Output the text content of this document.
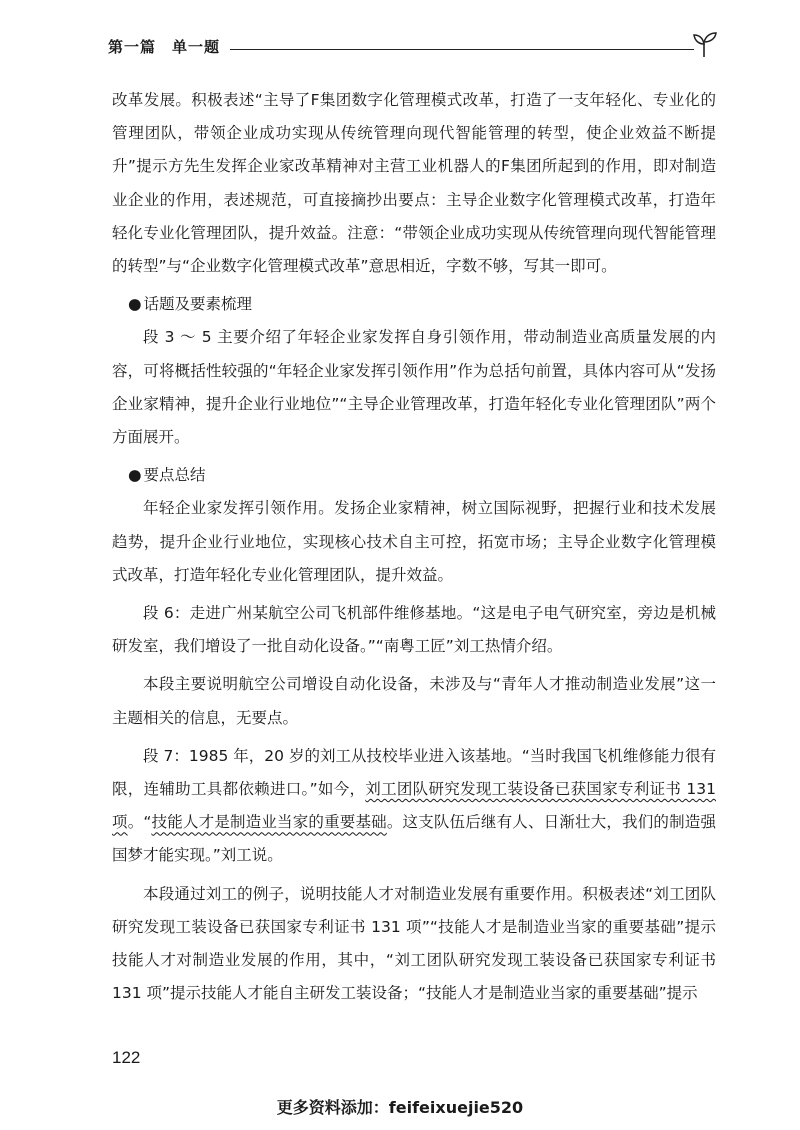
第一篇　单一题

改革发展。积极表述“主导了F集团数字化管理模式改革，打造了一支年轻化、专业化的管理团队，带领企业成功实现从传统管理向现代智能管理的转型，使企业效益不断提升”提示方先生发挥企业家改革精神对主营工业机器人的F集团所起到的作用，即对制造业企业的作用，表述规范，可直接摘抄出要点：主导企业数字化管理模式改革，打造年轻化专业化管理团队，提升效益。注意：“带领企业成功实现从传统管理向现代智能管理的转型”与“企业数字化管理模式改革”意思相近，字数不够，写其一即可。

● 话题及要素梳理

段 3 ～ 5 主要介绍了年轻企业家发挥自身引领作用，带动制造业高质量发展的内容，可将概括性较强的“年轻企业家发挥引领作用”作为总括句前置，具体内容可从“发扬企业家精神，提升企业行业地位”“主导企业管理改革，打造年轻化专业化管理团队”两个方面展开。

● 要点总结

年轻企业家发挥引领作用。发扬企业家精神，树立国际视野，把握行业和技术发展趋势，提升企业行业地位，实现核心技术自主可控，拓宽市场；主导企业数字化管理模式改革，打造年轻化专业化管理团队，提升效益。

段 6：走进广州某航空公司飞机部件维修基地。“这是电子电气研究室，旁边是机械研发室，我们增设了一批自动化设备。”“南粤工匠”刘工热情介绍。

本段主要说明航空公司增设自动化设备，未涉及与“青年人才推动制造业发展”这一主题相关的信息，无要点。

段 7：1985 年，20 岁的刘工从技校毕业进入该基地。“当时我国飞机维修能力很有限，连辅助工具都依赖进口。”如今，刘工团队研究发现工装设备已获国家专利证书 131 项。“技能人才是制造业当家的重要基础。这支队伍后继有人、日渐壮大，我们的制造强国梦才能实现。”刘工说。

本段通过刘工的例子，说明技能人才对制造业发展有重要作用。积极表述“刘工团队研究发现工装设备已获国家专利证书 131 项”“技能人才是制造业当家的重要基础”提示技能人才对制造业发展的作用，其中，“刘工团队研究发现工装设备已获国家专利证书 131 项”提示技能人才能自主研发工装设备；“技能人才是制造业当家的重要基础”提示

122
更多资料添加：feifeixuejie520
